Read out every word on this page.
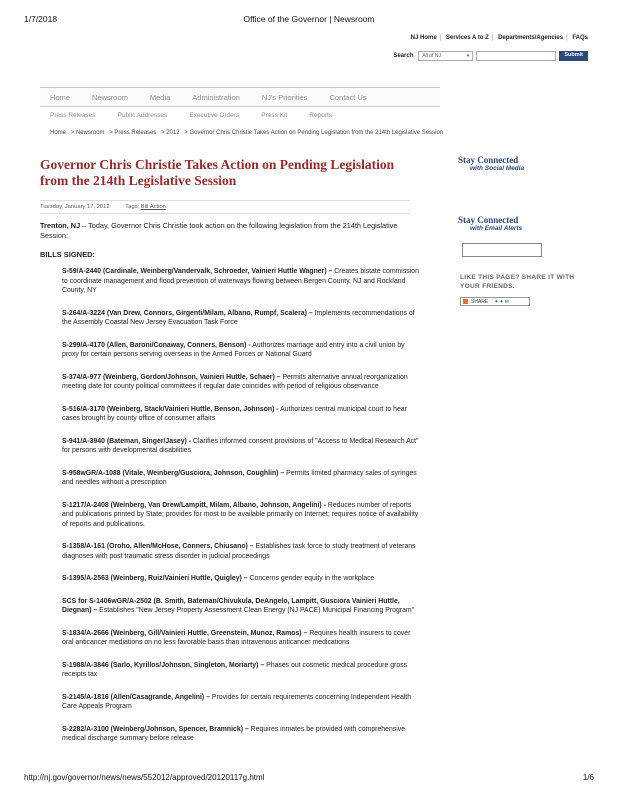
1/7/2018	Office of the Governor | Newsroom
NJ Home | Services A to Z | Departments/Agencies | FAQs
Search	All of NJ	▾	Submit
Home	Newsroom	Media	Administration	NJ's Priorities	Contact Us
Press Releases	Public Addresses	Executive Orders	Press Kit	Reports
Home > Newsroom > Press Releases > 2012 > Governor Chris Christie Takes Action on Pending Legislation from the 214th Legislative Session
Governor Chris Christie Takes Action on Pending Legislation from the 214th Legislative Session
Tuesday, January 17, 2012	Tags: Bill Action

Trenton, NJ – Today, Governor Chris Christie took action on the following legislation from the 214th Legislative Session:

BILLS SIGNED:
S-59/A-2440 (Cardinale, Weinberg/Vandervalk, Schroeder, Vainieri Huttle Wagner) – Creates bistate commission to coordinate management and flood prevention of waterways flowing between Bergen County, NJ and Rockland County, NY
S-264/A-3224 (Van Drew, Connors, Girgenti/Milam, Albano, Rumpf, Scalera) – Implements recommendations of the Assembly Coastal New Jersey Evacuation Task Force
S-299/A-4170 (Allen, Baroni/Conaway, Conners, Benson) - Authorizes marriage and entry into a civil union by proxy for certain persons serving overseas in the Armed Forces or National Guard
S-374/A-977 (Weinberg, Gordon/Johnson, Vainieri Huttle, Schaer) – Permits alternative annual reorganization meeting date for county political committees if regular date coincides with period of religious observance
S-516/A-3170 (Weinberg, Stack/Vainieri Huttle, Benson, Johnson) - Authorizes central municipal court to hear cases brought by county office of consumer affairs
S-941/A-3940 (Bateman, Singer/Jasey) - Clarifies informed consent provisions of "Access to Medical Research Act" for persons with developmental disabilities
S-958wGR/A-1088 (Vitale, Weinberg/Gusciora, Johnson, Coughlin) – Permits limited pharmacy sales of syringes and needles without a prescription
S-1217/A-2408 (Weinberg, Van Drew/Lampitt, Milam, Albano, Johnson, Angelini) - Reduces number of reports and publications printed by State; provides for most to be available primarily on Internet; requires notice of availability of reports and publications.
S-1358/A-161 (Oroho, Allen/McHose, Conners, Chiusano) – Establishes task force to study treatment of veterans diagnoses with post traumatic stress disorder in judicial proceedings
S-1395/A-2563 (Weinberg, Ruiz/Vainieri Huttle, Quigley) – Concerns gender equity in the workplace
SCS for S-1406wGR/A-2502 (B. Smith, Bateman/Chivukula, DeAngelo, Lampitt, Gusciora Vainieri Huttle, Diegnan) – Establishes "New Jersey Property Assessment Clean Energy (NJ PACE) Municipal Financing Program"
S-1834/A-2666 (Weinberg, Gill/Vainieri Huttle, Greenstein, Munoz, Ramos) – Requires health insurers to cover oral anticancer mediations on no less favorable basis than intravenous anticancer medications
S-1988/A-3846 (Sarlo, Kyrillos/Johnson, Singleton, Moriarty) – Phases out cosmetic medical procedure gross receipts tax
S-2145/A-1816 (Allen/Casagrande, Angelini) – Provides for certain requirements concerning Independent Health Care Appeals Program
S-2282/A-3100 (Weinberg/Johnson, Spencer, Bramnick) – Requires inmates be provided with comprehensive medical discharge summary before release
Stay Connected
with Social Media
Stay Connected
with Email Alerts
LIKE THIS PAGE? SHARE IT WITH YOUR FRIENDS.
SHARE ✦✦✉
http://nj.gov/governor/news/news/552012/approved/20120117g.html	1/6
